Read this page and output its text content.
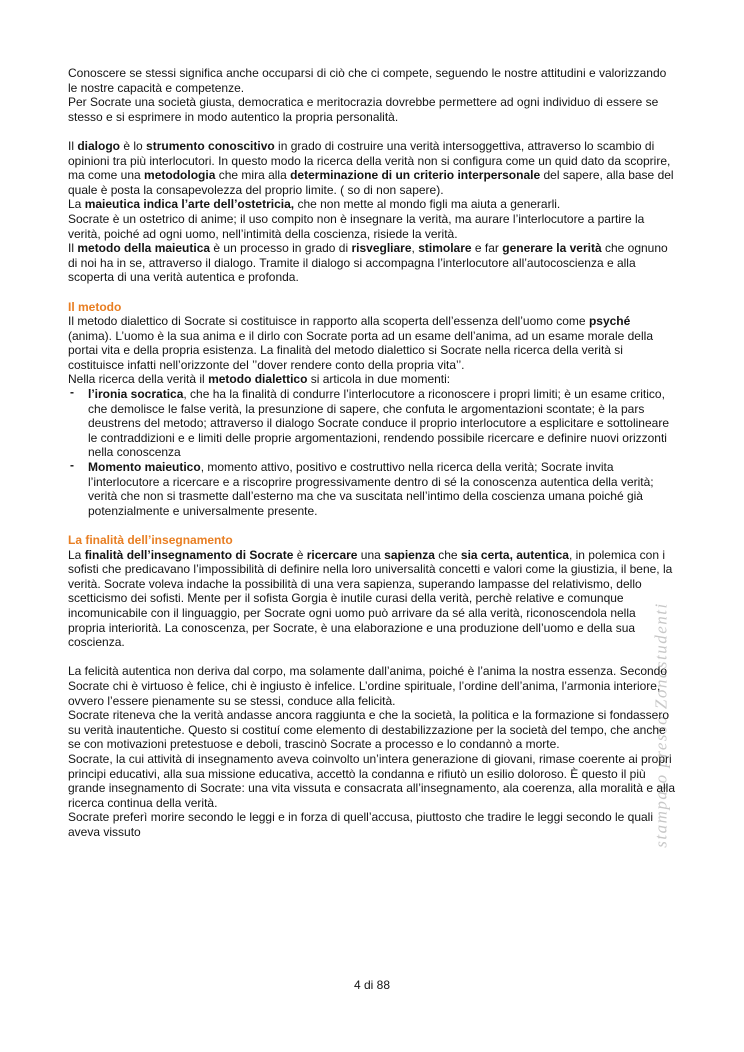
stampato presso Zonastudenti

Conoscere se stessi significa anche occuparsi di ciò che ci compete, seguendo le nostre attitudini e valorizzando le nostre capacità e competenze.

Per Socrate una società giusta, democratica e meritocrazia dovrebbe permettere ad ogni individuo di essere se stesso e si esprimere in modo autentico la propria personalità.

Il dialogo è lo strumento conoscitivo in grado di costruire una verità intersoggettiva, attraverso lo scambio di opinioni tra più interlocutori. In questo modo la ricerca della verità non si configura come un quid dato da scoprire, ma come una metodologia che mira alla determinazione di un criterio interpersonale del sapere, alla base del quale è posta la consapevolezza del proprio limite. ( so di non sapere).

La maieutica indica l’arte dell’ostetricia, che non mette al mondo figli ma aiuta a generarli.

Socrate è un ostetrico di anime; il uso compito non è insegnare la verità, ma aurare l’interlocutore a partire la verità, poiché ad ogni uomo, nell’intimità della coscienza, risiede la verità.

Il metodo della maieutica è un processo in grado di risvegliare, stimolare e far generare la verità che ognuno di noi ha in se, attraverso il dialogo. Tramite il dialogo si accompagna l’interlocutore all’autocoscienza e alla scoperta di una verità autentica e profonda.

Il metodo

Il metodo dialettico di Socrate si costituisce in rapporto alla scoperta dell’essenza dell’uomo come psyché (anima). L’uomo è la sua anima e il dirlo con Socrate porta ad un esame dell’anima, ad un esame morale della portai vita e della propria esistenza. La finalità del metodo dialettico si Socrate nella ricerca della verità si costituisce infatti nell’orizzonte del ’’dover rendere conto della propria vita’’.

Nella ricerca della verità il metodo dialettico si articola in due momenti:

- l’ironia socratica, che ha la finalità di condurre l’interlocutore a riconoscere i propri limiti; è un esame critico, che demolisce le false verità, la presunzione di sapere, che confuta le argomentazioni scontate; è la pars deustrens del metodo; attraverso il dialogo Socrate conduce il proprio interlocutore a esplicitare e sottolineare le contraddizioni e e limiti delle proprie argomentazioni, rendendo possibile ricercare e definire nuovi orizzonti nella conoscenza
- Momento maieutico, momento attivo, positivo e costruttivo nella ricerca della verità; Socrate invita l’interlocutore a ricercare e a riscoprire progressivamente dentro di sé la conoscenza autentica della verità; verità che non si trasmette dall’esterno ma che va suscitata nell’intimo della coscienza umana poiché già potenzialmente e universalmente presente.
La finalità dell’insegnamento

La finalità dell’insegnamento di Socrate è ricercare una sapienza che sia certa, autentica, in polemica con i sofisti che predicavano l’impossibilità di definire nella loro universalità concetti e valori come la giustizia, il bene, la verità. Socrate voleva indache la possibilità di una vera sapienza, superando lampasse del relativismo, dello scetticismo dei sofisti. Mente per il sofista Gorgia è inutile curasi della verità, perchè relative e comunque incomunicabile con il linguaggio, per Socrate ogni uomo può arrivare da sé alla verità, riconoscendola nella propria interiorità. La conoscenza, per Socrate, è una elaborazione e una produzione dell’uomo e della sua coscienza.

La felicità autentica non deriva dal corpo, ma solamente dall’anima, poiché è l’anima la nostra essenza. Secondo Socrate chi è virtuoso è felice, chi è ingiusto è infelice. L’ordine spirituale, l’ordine dell’anima, l’armonia interiore, ovvero l’essere pienamente su se stessi, conduce alla felicità.

Socrate riteneva che la verità andasse ancora raggiunta e che la società, la politica e la formazione si fondassero su verità inautentiche. Questo si costituí come elemento di destabilizzazione per la società del tempo, che anche se con motivazioni pretestuose e deboli, trascinò Socrate a processo e lo condannò a morte.

Socrate, la cui attività di insegnamento aveva coinvolto un’intera generazione di giovani, rimase coerente ai propri principi educativi, alla sua missione educativa, accettò la condanna e rifiutò un esilio doloroso. È questo il più grande insegnamento di Socrate: una vita vissuta e consacrata all’insegnamento, ala coerenza, alla moralità e alla ricerca continua della verità.

Socrate preferì morire secondo le leggi e in forza di quell’accusa, piuttosto che tradire le leggi secondo le quali aveva vissuto

4 di 88
